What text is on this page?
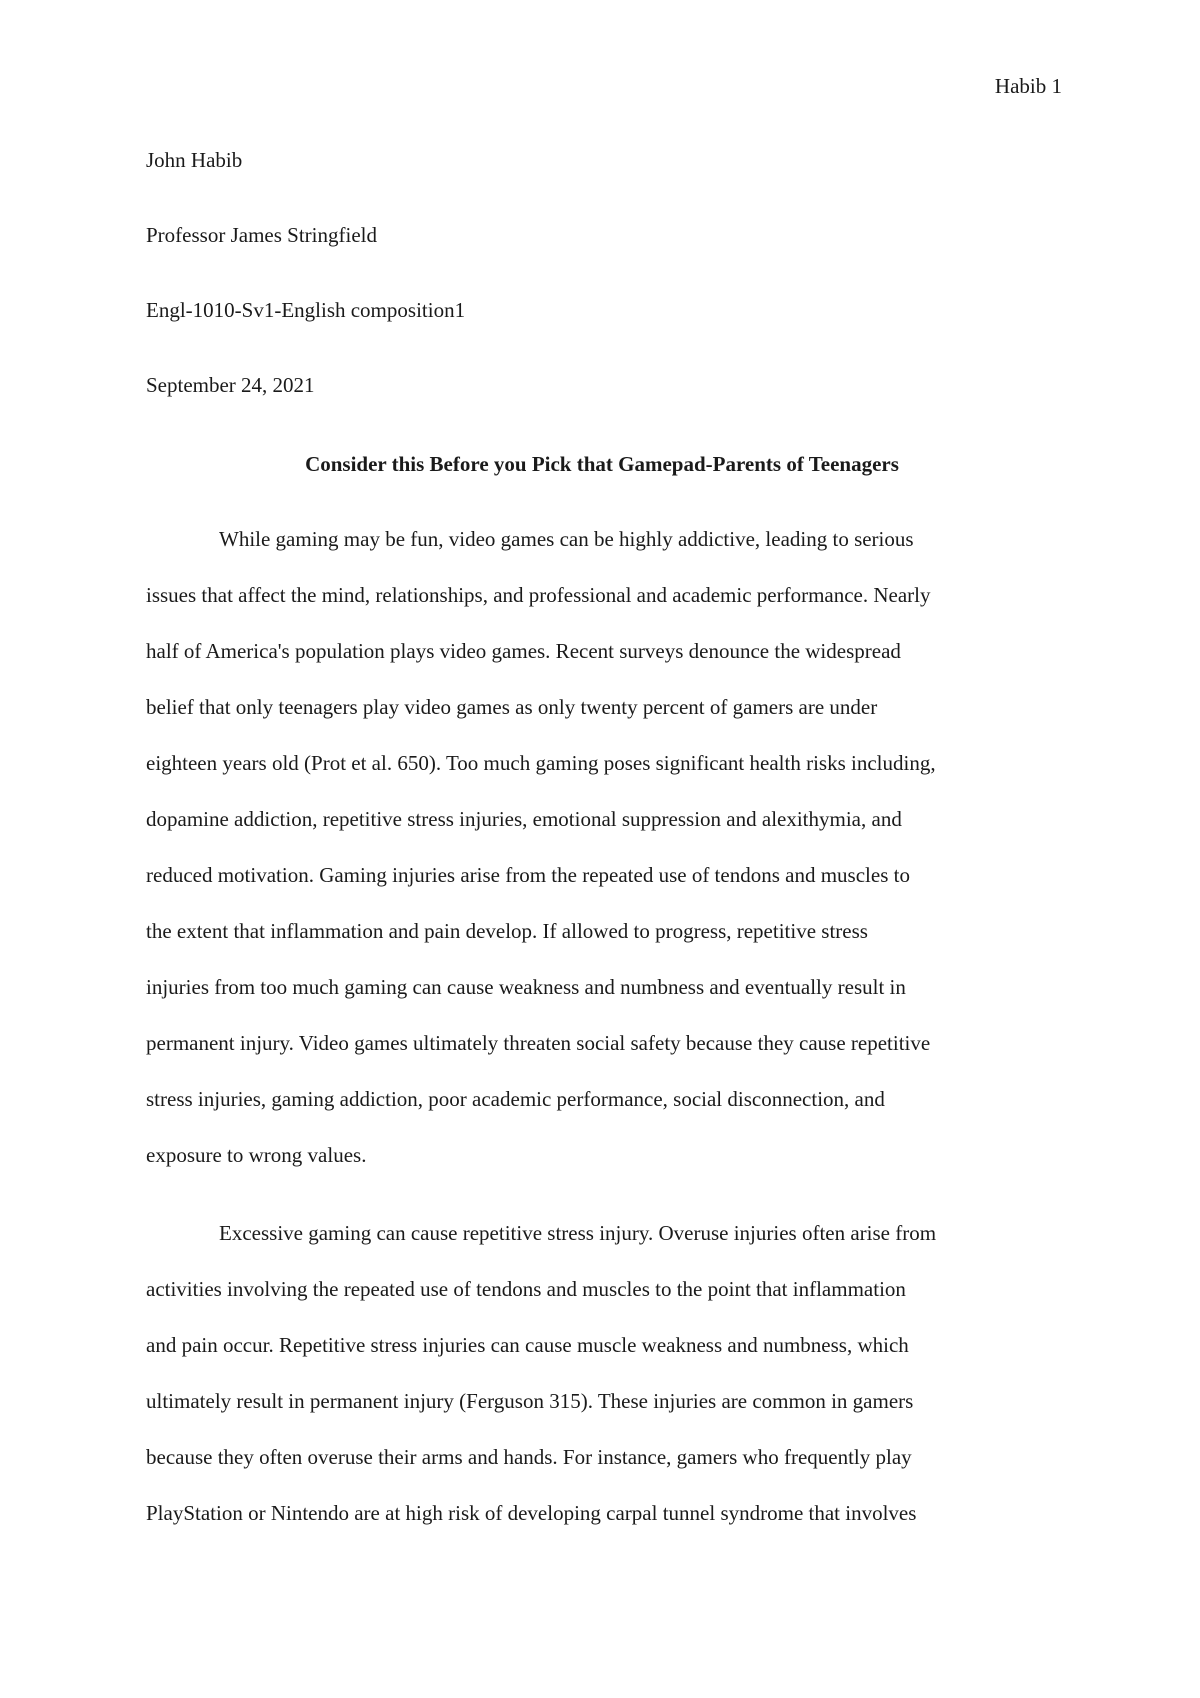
Habib 1
John Habib
Professor James Stringfield
Engl-1010-Sv1-English composition1
September 24, 2021
Consider this Before you Pick that Gamepad-Parents of Teenagers
While gaming may be fun, video games can be highly addictive, leading to serious
issues that affect the mind, relationships, and professional and academic performance. Nearly
half of America's population plays video games. Recent surveys denounce the widespread
belief that only teenagers play video games as only twenty percent of gamers are under
eighteen years old (Prot et al. 650). Too much gaming poses significant health risks including,
dopamine addiction, repetitive stress injuries, emotional suppression and alexithymia, and
reduced motivation. Gaming injuries arise from the repeated use of tendons and muscles to
the extent that inflammation and pain develop. If allowed to progress, repetitive stress
injuries from too much gaming can cause weakness and numbness and eventually result in
permanent injury. Video games ultimately threaten social safety because they cause repetitive
stress injuries, gaming addiction, poor academic performance, social disconnection, and
exposure to wrong values.
Excessive gaming can cause repetitive stress injury. Overuse injuries often arise from
activities involving the repeated use of tendons and muscles to the point that inflammation
and pain occur. Repetitive stress injuries can cause muscle weakness and numbness, which
ultimately result in permanent injury (Ferguson 315). These injuries are common in gamers
because they often overuse their arms and hands. For instance, gamers who frequently play
PlayStation or Nintendo are at high risk of developing carpal tunnel syndrome that involves
